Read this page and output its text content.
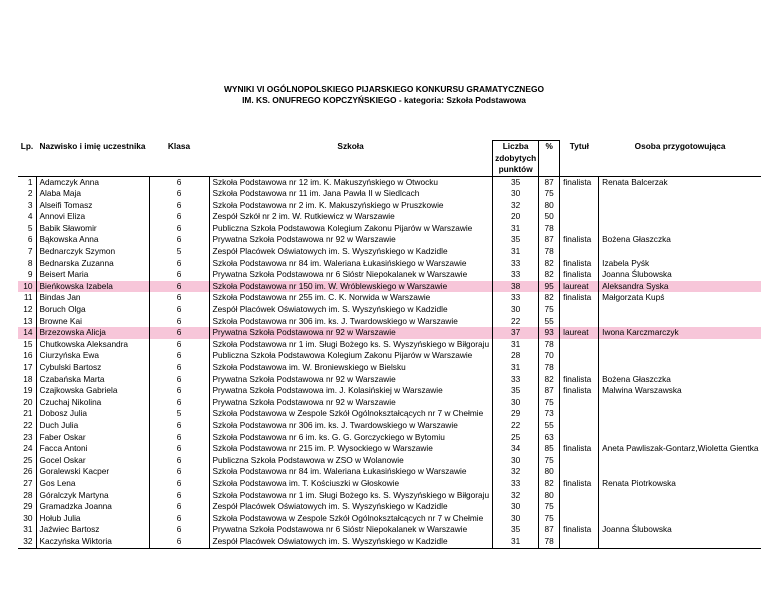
WYNIKI VI OGÓLNOPOLSKIEGO PIJARSKIEGO KONKURSU GRAMATYCZNEGO
IM. KS. ONUFREGO KOPCZYŃSKIEGO - kategoria: Szkoła Podstawowa
Lp.	Nazwisko i imię uczestnika	Klasa	Szkoła	Liczba
zdobytych
punktów	%	Tytuł	Osoba przygotowująca
1	Adamczyk Anna	6	Szkoła Podstawowa nr 12 im. K. Makuszyńskiego w Otwocku	35	87	finalista	Renata Balcerzak
2	Alaba Maja	6	Szkoła Podstawowa nr 11 im. Jana Pawła II w Siedlcach	30	75		
3	Alseifi Tomasz	6	Szkoła Podstawowa nr 2 im. K. Makuszyńskiego w Pruszkowie	32	80		
4	Annovi Eliza	6	Zespół Szkół nr 2 im. W. Rutkiewicz w Warszawie	20	50		
5	Babik Sławomir	6	Publiczna Szkoła Podstawowa Kolegium Zakonu Pijarów w Warszawie	31	78		
6	Bąkowska Anna	6	Prywatna Szkoła Podstawowa nr 92 w Warszawie	35	87	finalista	Bożena Głaszczka
7	Bednarczyk Szymon	5	Zespół Placówek Oświatowych im. S. Wyszyńskiego w Kadzidle	31	78		
8	Bednarska Zuzanna	6	Szkoła Podstawowa nr 84 im. Waleriana Łukasińskiego w Warszawie	33	82	finalista	Izabela Pyśk
9	Beisert Maria	6	Prywatna Szkoła Podstawowa nr 6 Sióstr Niepokalanek w Warszawie	33	82	finalista	Joanna Ślubowska
10	Bieńkowska Izabela	6	Szkoła Podstawowa nr 150 im. W. Wróblewskiego w Warszawie	38	95	laureat	Aleksandra Syska
11	Bindas Jan	6	Szkoła Podstawowa nr 255 im. C. K. Norwida w Warszawie	33	82	finalista	Małgorzata Kupś
12	Boruch Olga	6	Zespół Placówek Oświatowych im. S. Wyszyńskiego w Kadzidle	30	75		
13	Browne Kai	6	Szkoła Podstawowa nr 306 im. ks. J. Twardowskiego w Warszawie	22	55		
14	Brzezowska Alicja	6	Prywatna Szkoła Podstawowa nr 92 w Warszawie	37	93	laureat	Iwona Karczmarczyk
15	Chutkowska Aleksandra	6	Szkoła Podstawowa nr 1 im. Sługi Bożego ks. S. Wyszyńskiego w Biłgoraju	31	78		
16	Ciurzyńska Ewa	6	Publiczna Szkoła Podstawowa Kolegium Zakonu Pijarów w Warszawie	28	70		
17	Cybulski Bartosz	6	Szkoła Podstawowa im. W. Broniewskiego w Bielsku	31	78		
18	Czabańska Marta	6	Prywatna Szkoła Podstawowa nr 92 w Warszawie	33	82	finalista	Bożena Głaszczka
19	Czajkowska Gabriela	6	Prywatna Szkoła Podstawowa im. J. Kolasińskiej w Warszawie	35	87	finalista	Malwina Warszawska
20	Czuchaj Nikolina	6	Prywatna Szkoła Podstawowa nr 92 w Warszawie	30	75		
21	Dobosz Julia	5	Szkoła Podstawowa w Zespole Szkół Ogólnokształcących nr 7 w Chełmie	29	73		
22	Duch Julia	6	Szkoła Podstawowa nr 306 im. ks. J. Twardowskiego w Warszawie	22	55		
23	Faber Oskar	6	Szkoła Podstawowa nr 6 im. ks. G. G. Gorczyckiego w Bytomiu	25	63		
24	Facca Antoni	6	Szkoła Podstawowa nr 215 im. P. Wysockiego w Warszawie	34	85	finalista	Aneta Pawliszak-Gontarz,Wioletta Gientka
25	Gocel Oskar	6	Publiczna Szkoła Podstawowa w ZSO w Wolanowie	30	75		
26	Goralewski Kacper	6	Szkoła Podstawowa nr 84 im. Waleriana Łukasińskiego w Warszawie	32	80		
27	Gos Lena	6	Szkoła Podstawowa im. T. Kościuszki w Głoskowie	33	82	finalista	Renata Piotrkowska
28	Góralczyk Martyna	6	Szkoła Podstawowa nr 1 im. Sługi Bożego ks. S. Wyszyńskiego w Biłgoraju	32	80		
29	Gramadzka Joanna	6	Zespół Placówek Oświatowych im. S. Wyszyńskiego w Kadzidle	30	75		
30	Hołub Julia	6	Szkoła Podstawowa w Zespole Szkół Ogólnokształcących nr 7 w Chełmie	30	75		
31	Jaźwiec Bartosz	6	Prywatna Szkoła Podstawowa nr 6 Sióstr Niepokalanek w Warszawie	35	87	finalista	Joanna Ślubowska
32	Kaczyńska Wiktoria	6	Zespół Placówek Oświatowych im. S. Wyszyńskiego w Kadzidle	31	78		
